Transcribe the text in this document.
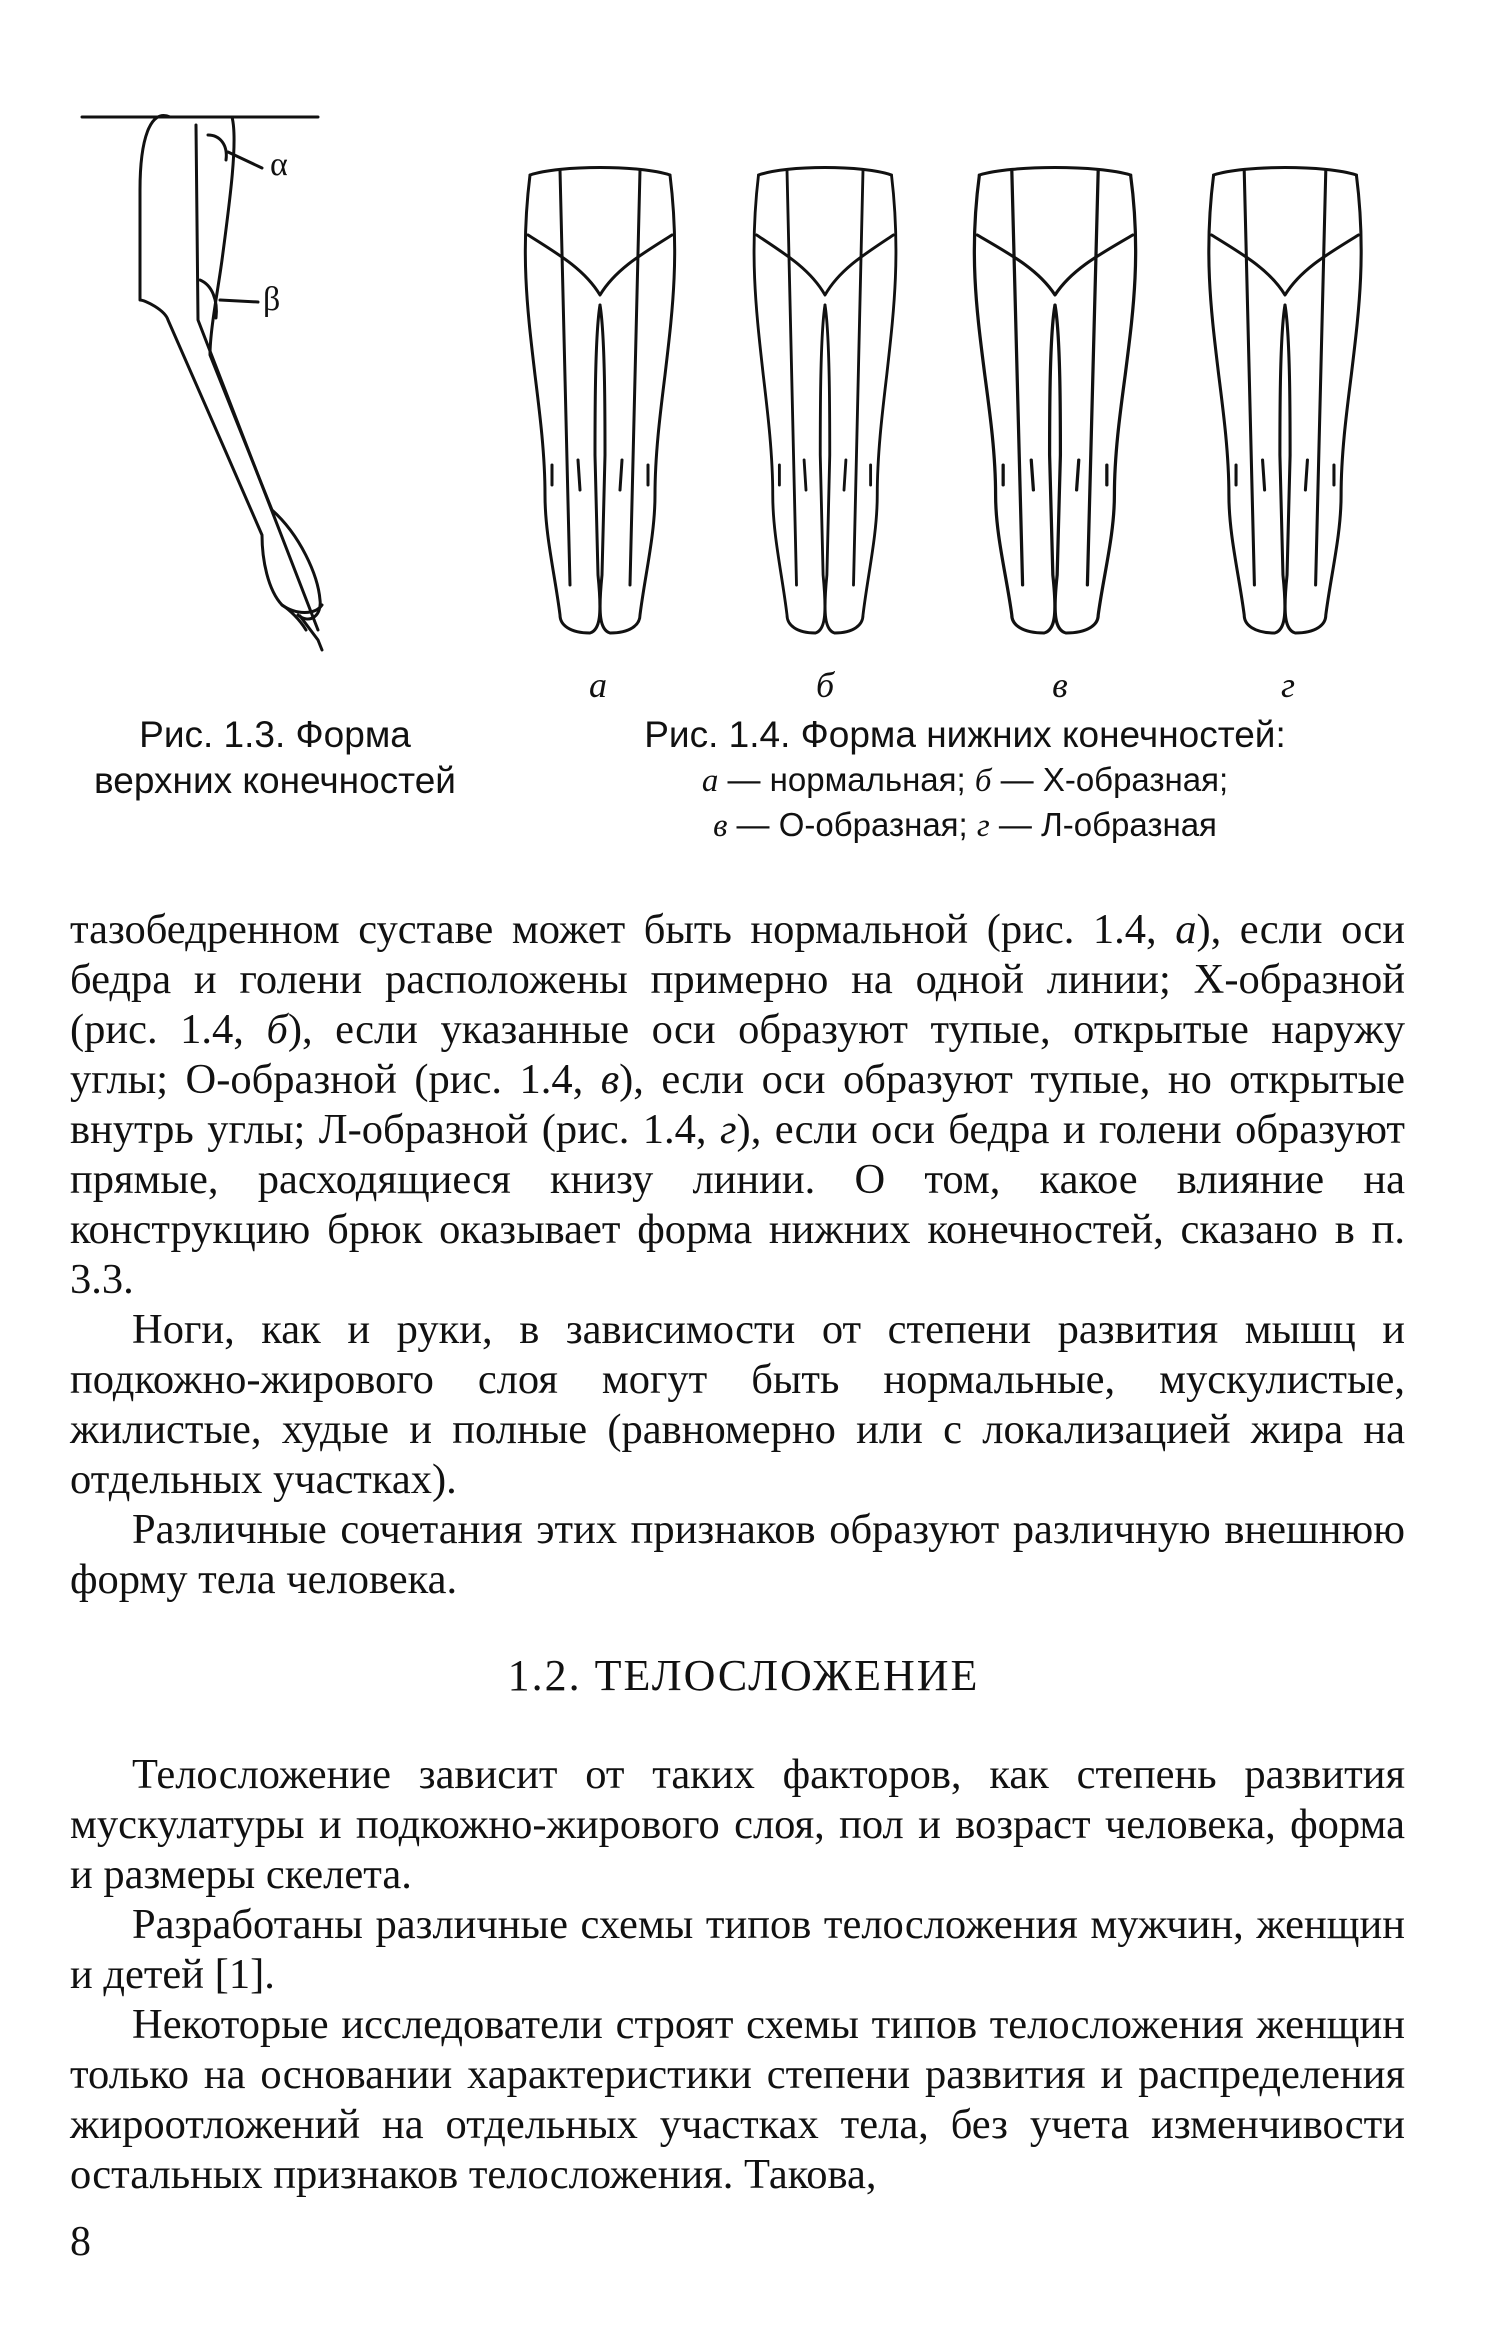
α
β
а	б	в	г
Рис. 1.3. Форма
верхних конечностей
Рис. 1.4. Форма нижних конечностей:
а — нормальная; б — Х-образная;
в — О-образная; г — Л-образная

тазобедренном суставе может быть нормальной (рис. 1.4, а), если оси бедра и голени расположены примерно на одной линии; Х-образной (рис. 1.4, б), если указанные оси образуют тупые, открытые наружу углы; О-образной (рис. 1.4, в), если оси образуют тупые, но открытые внутрь углы; Л-образной (рис. 1.4, г), если оси бедра и голени образуют прямые, расходящиеся книзу линии. О том, какое влияние на конструкцию брюк оказывает форма нижних конечностей, сказано в п. 3.3.

Ноги, как и руки, в зависимости от степени развития мышц и подкожно-жирового слоя могут быть нормальные, мускулистые, жилистые, худые и полные (равномерно или с локализацией жира на отдельных участках).

Различные сочетания этих признаков образуют различную внешнюю форму тела человека.

1.2. ТЕЛОСЛОЖЕНИЕ

Телосложение зависит от таких факторов, как степень развития мускулатуры и подкожно-жирового слоя, пол и возраст человека, форма и размеры скелета.

Разработаны различные схемы типов телосложения мужчин, женщин и детей [1].

Некоторые исследователи строят схемы типов телосложения женщин только на основании характеристики степени развития и распределения жироотложений на отдельных участках тела, без учета изменчивости остальных признаков телосложения. Такова,

8
